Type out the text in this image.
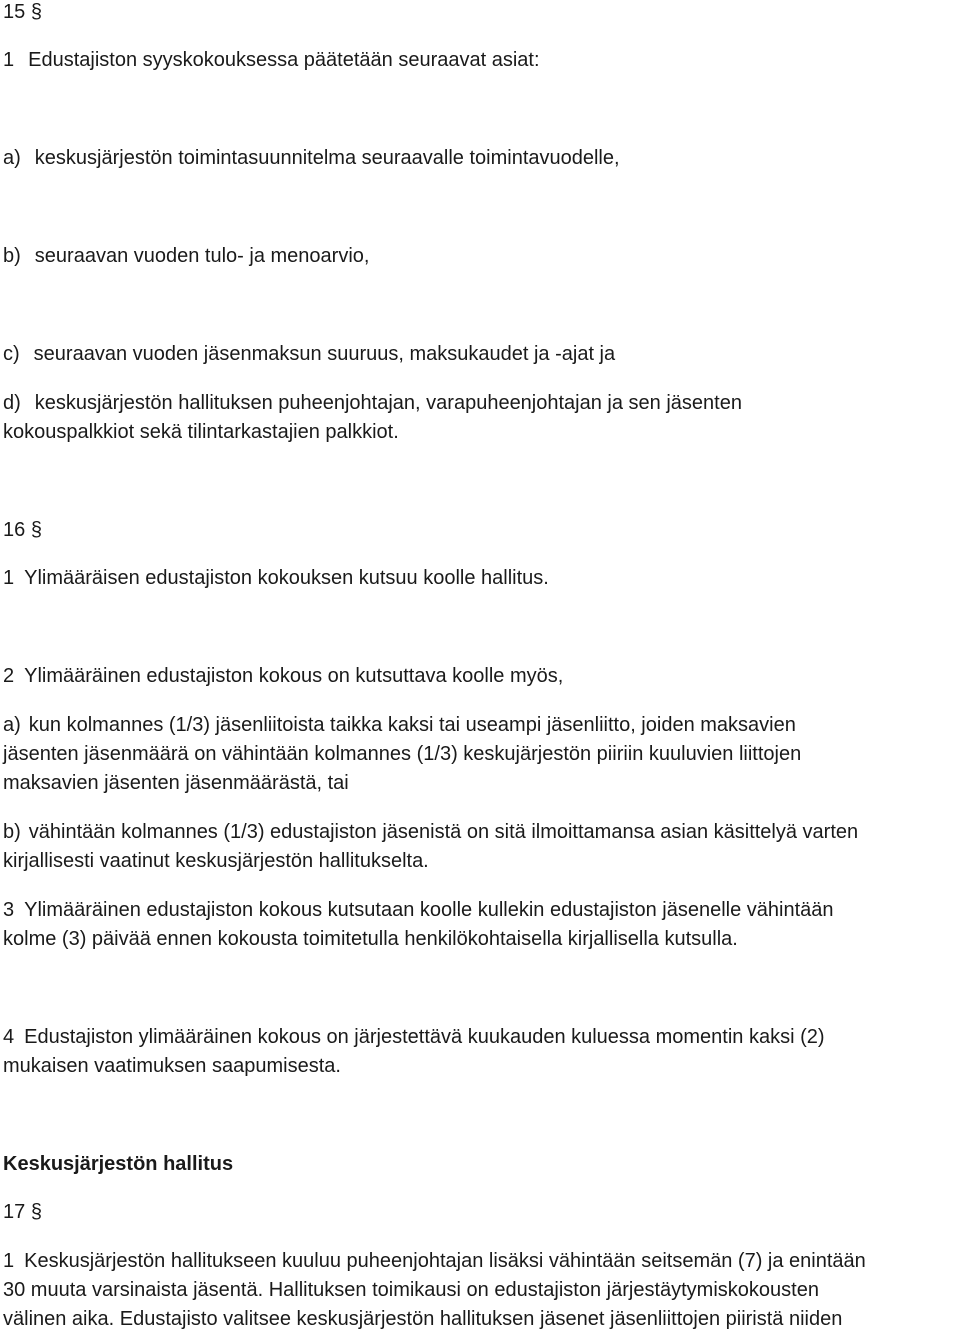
15 §
1 Edustajiston syyskokouksessa päätetään seuraavat asiat:
a) keskusjärjestön toimintasuunnitelma seuraavalle toimintavuodelle,
b) seuraavan vuoden tulo- ja menoarvio,
c) seuraavan vuoden jäsenmaksun suuruus, maksukaudet ja -ajat ja
d) keskusjärjestön hallituksen puheenjohtajan, varapuheenjohtajan ja sen jäsenten
kokouspalkkiot sekä tilintarkastajien palkkiot.
16 §
1 Ylimääräisen edustajiston kokouksen kutsuu koolle hallitus.
2 Ylimääräinen edustajiston kokous on kutsuttava koolle myös,
a) kun kolmannes (1/3) jäsenliitoista taikka kaksi tai useampi jäsenliitto, joiden maksavien
jäsenten jäsenmäärä on vähintään kolmannes (1/3) keskujärjestön piiriin kuuluvien liittojen
maksavien jäsenten jäsenmäärästä, tai
b) vähintään kolmannes (1/3) edustajiston jäsenistä on sitä ilmoittamansa asian käsittelyä varten
kirjallisesti vaatinut keskusjärjestön hallitukselta.
3 Ylimääräinen edustajiston kokous kutsutaan koolle kullekin edustajiston jäsenelle vähintään
kolme (3) päivää ennen kokousta toimitetulla henkilökohtaisella kirjallisella kutsulla.
4 Edustajiston ylimääräinen kokous on järjestettävä kuukauden kuluessa momentin kaksi (2)
mukaisen vaatimuksen saapumisesta.
Keskusjärjestön hallitus
17 §
1 Keskusjärjestön hallitukseen kuuluu puheenjohtajan lisäksi vähintään seitsemän (7) ja enintään
30 muuta varsinaista jäsentä. Hallituksen toimikausi on edustajiston järjestäytymiskokousten
välinen aika. Edustajisto valitsee keskusjärjestön hallituksen jäsenet jäsenliittojen piiristä niiden
